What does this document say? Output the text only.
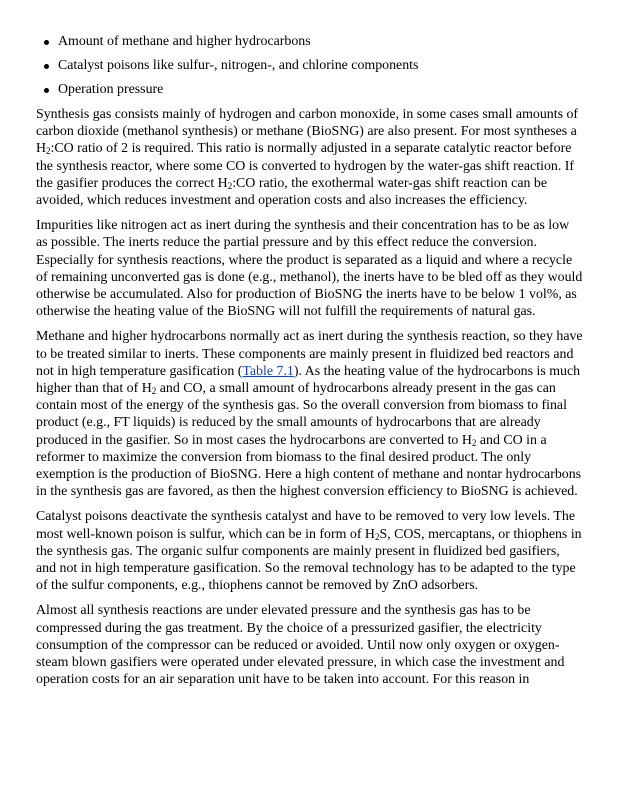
Amount of methane and higher hydrocarbons
Catalyst poisons like sulfur-, nitrogen-, and chlorine components
Operation pressure

Synthesis gas consists mainly of hydrogen and carbon monoxide, in some cases small amounts of carbon dioxide (methanol synthesis) or methane (BioSNG) are also present. For most syntheses a $H_2:CO$ ratio of 2 is required. This ratio is normally adjusted in a separate catalytic reactor before the synthesis reactor, where some CO is converted to hydrogen by the water-gas shift reaction. If the gasifier produces the correct $H_2:CO$ ratio, the exothermal water-gas shift reaction can be avoided, which reduces investment and operation costs and also increases the efficiency.

Impurities like nitrogen act as inert during the synthesis and their concentration has to be as low as possible. The inerts reduce the partial pressure and by this effect reduce the conversion. Especially for synthesis reactions, where the product is separated as a liquid and where a recycle of remaining unconverted gas is done (e.g., methanol), the inerts have to be bled off as they would otherwise be accumulated. Also for production of BioSNG the inerts have to be below 1 vol%, as otherwise the heating value of the BioSNG will not fulfill the requirements of natural gas.

Methane and higher hydrocarbons normally act as inert during the synthesis reaction, so they have to be treated similar to inerts. These components are mainly present in fluidized bed reactors and not in high temperature gasification (Table 7.1). As the heating value of the hydrocarbons is much higher than that of $H_2$ and CO, a small amount of hydrocarbons already present in the gas can contain most of the energy of the synthesis gas. So the overall conversion from biomass to final product (e.g., FT liquids) is reduced by the small amounts of hydrocarbons that are already produced in the gasifier. So in most cases the hydrocarbons are converted to $H_2$ and CO in a reformer to maximize the conversion from biomass to the final desired product. The only exemption is the production of BioSNG. Here a high content of methane and nontar hydrocarbons in the synthesis gas are favored, as then the highest conversion efficiency to BioSNG is achieved.

Catalyst poisons deactivate the synthesis catalyst and have to be removed to very low levels. The most well-known poison is sulfur, which can be in form of $H_2S$, COS, mercaptans, or thiophens in the synthesis gas. The organic sulfur components are mainly present in fluidized bed gasifiers, and not in high temperature gasification. So the removal technology has to be adapted to the type of the sulfur components, e.g., thiophens cannot be removed by ZnO adsorbers.

Almost all synthesis reactions are under elevated pressure and the synthesis gas has to be compressed during the gas treatment. By the choice of a pressurized gasifier, the electricity consumption of the compressor can be reduced or avoided. Until now only oxygen or oxygen-steam blown gasifiers were operated under elevated pressure, in which case the investment and operation costs for an air separation unit have to be taken into account. For this reason in
